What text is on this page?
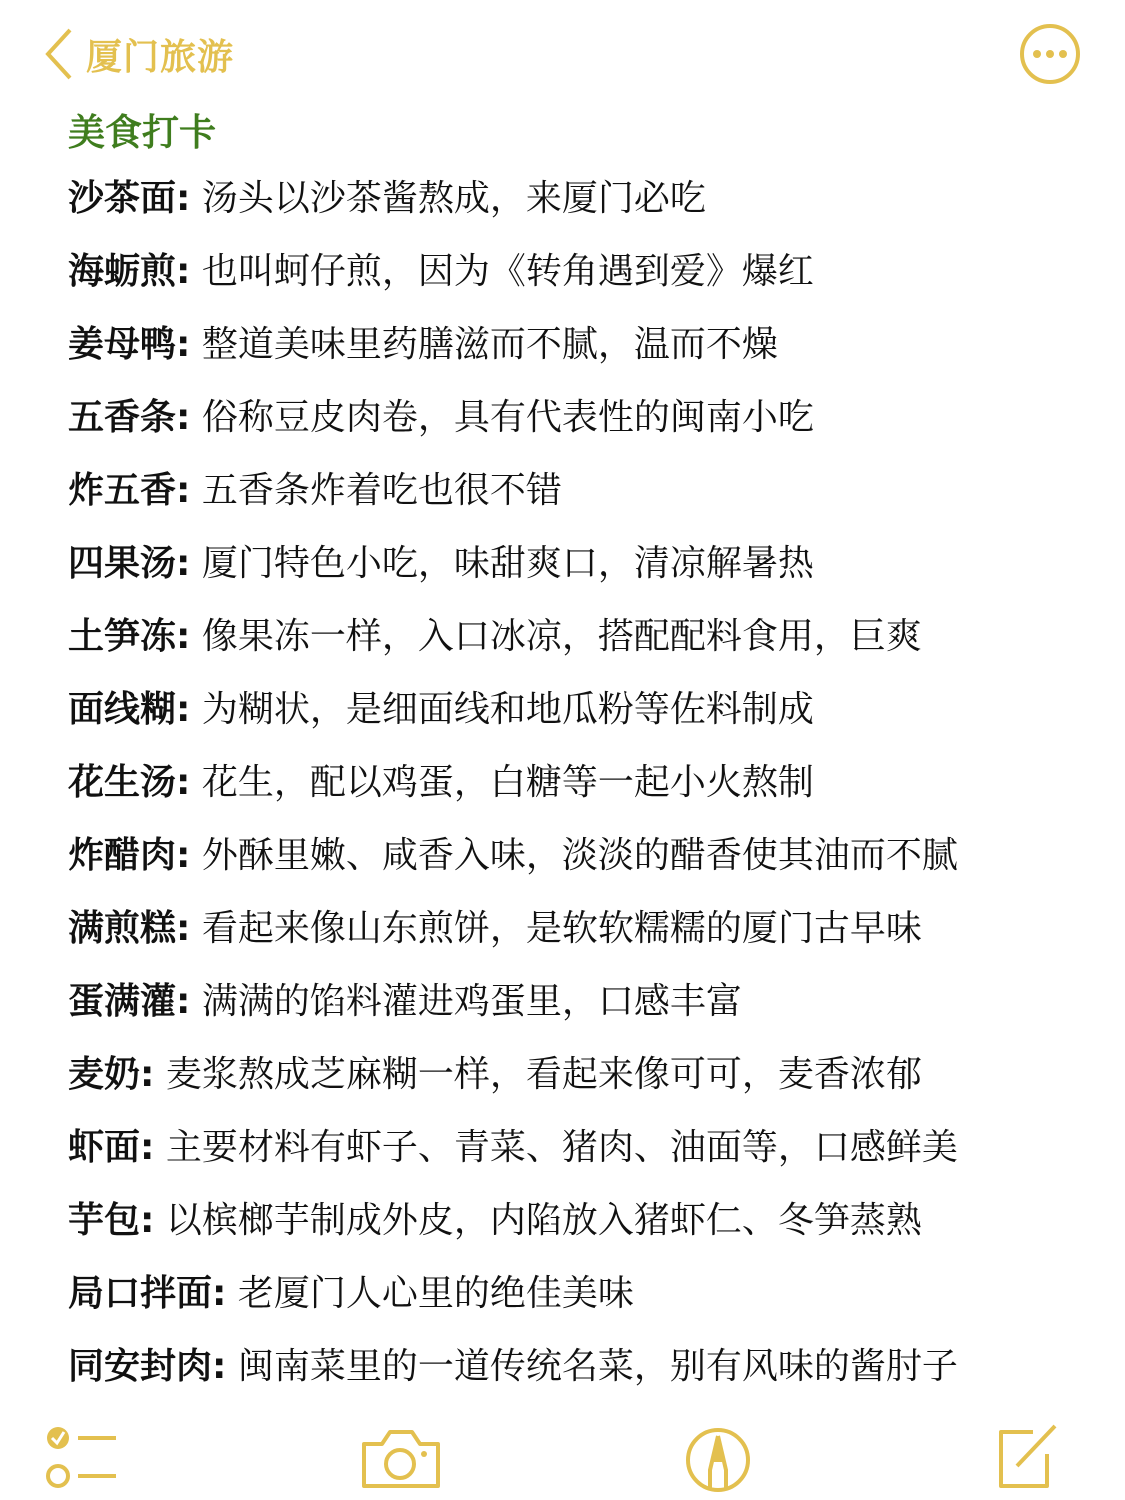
厦门旅游
美食打卡
沙茶面: 汤头以沙茶酱熬成，来厦门必吃
海蛎煎: 也叫蚵仔煎，因为《转角遇到爱》爆红
姜母鸭: 整道美味里药膳滋而不腻，温而不燥
五香条: 俗称豆皮肉卷，具有代表性的闽南小吃
炸五香: 五香条炸着吃也很不错
四果汤: 厦门特色小吃，味甜爽口，清凉解暑热
土笋冻: 像果冻一样，入口冰凉，搭配配料食用，巨爽
面线糊: 为糊状，是细面线和地瓜粉等佐料制成
花生汤: 花生，配以鸡蛋，白糖等一起小火熬制
炸醋肉: 外酥里嫩、咸香入味，淡淡的醋香使其油而不腻
满煎糕: 看起来像山东煎饼，是软软糯糯的厦门古早味
蛋满灌: 满满的馅料灌进鸡蛋里，口感丰富
麦奶: 麦浆熬成芝麻糊一样，看起来像可可，麦香浓郁
虾面: 主要材料有虾子、青菜、猪肉、油面等，口感鲜美
芋包: 以槟榔芋制成外皮，内陷放入猪虾仁、冬笋蒸熟
局口拌面: 老厦门人心里的绝佳美味
同安封肉: 闽南菜里的一道传统名菜，别有风味的酱肘子
